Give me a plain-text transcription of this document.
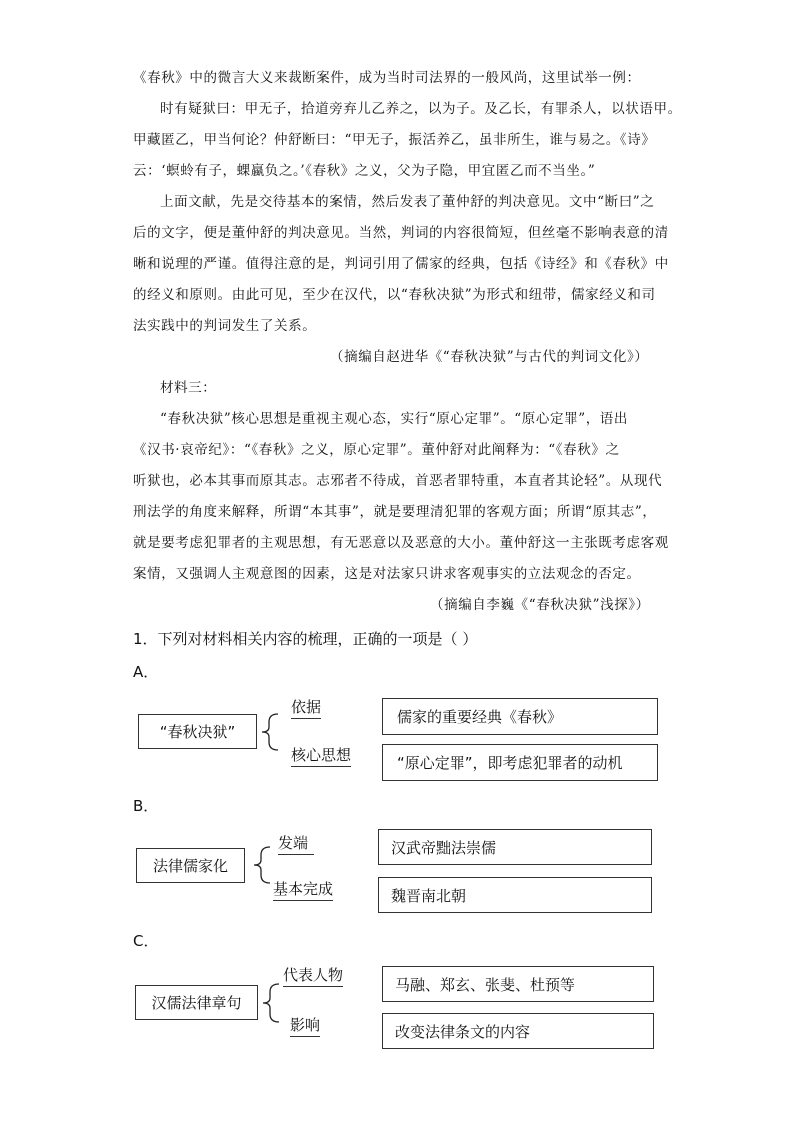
《春秋》中的微言大义来裁断案件，成为当时司法界的一般风尚，这里试举一例：
时有疑狱曰：甲无子，拾道旁弃儿乙养之，以为子。及乙长，有罪杀人，以状语甲。
甲藏匿乙，甲当何论？仲舒断曰：“甲无子，振活养乙，虽非所生，谁与易之。《诗》
云：‘螟蛉有子，蜾蠃负之。’《春秋》之义，父为子隐，甲宜匿乙而不当坐。”
上面文献，先是交待基本的案情，然后发表了董仲舒的判决意见。文中“断曰”之
后的文字，便是董仲舒的判决意见。当然，判词的内容很简短，但丝毫不影响表意的清
晰和说理的严谨。值得注意的是，判词引用了儒家的经典，包括《诗经》和《春秋》中
的经义和原则。由此可见，至少在汉代，以“春秋决狱”为形式和纽带，儒家经义和司
法实践中的判词发生了关系。
（摘编自赵进华《“春秋决狱”与古代的判词文化》）
材料三：
“春秋决狱”核心思想是重视主观心态，实行“原心定罪”。“原心定罪”，语出
《汉书·哀帝纪》：“《春秋》之义，原心定罪”。董仲舒对此阐释为：“《春秋》之
听狱也，必本其事而原其志。志邪者不待成，首恶者罪特重，本直者其论轻”。从现代
刑法学的角度来解释，所谓“本其事”，就是要理清犯罪的客观方面；所谓“原其志”，
就是要考虑犯罪者的主观思想，有无恶意以及恶意的大小。董仲舒这一主张既考虑客观
案情，又强调人主观意图的因素，这是对法家只讲求客观事实的立法观念的否定。
（摘编自李巍《“春秋决狱”浅探》）
1．下列对材料相关内容的梳理，正确的一项是（ ）
A．
“春秋决狱”
依据
核心思想
儒家的重要经典《春秋》
“原心定罪”，即考虑犯罪者的动机
B．
法律儒家化
发端
基本完成
汉武帝黜法崇儒
魏晋南北朝
C．
汉儒法律章句
代表人物
影响
马融、郑玄、张斐、杜预等
改变法律条文的内容
